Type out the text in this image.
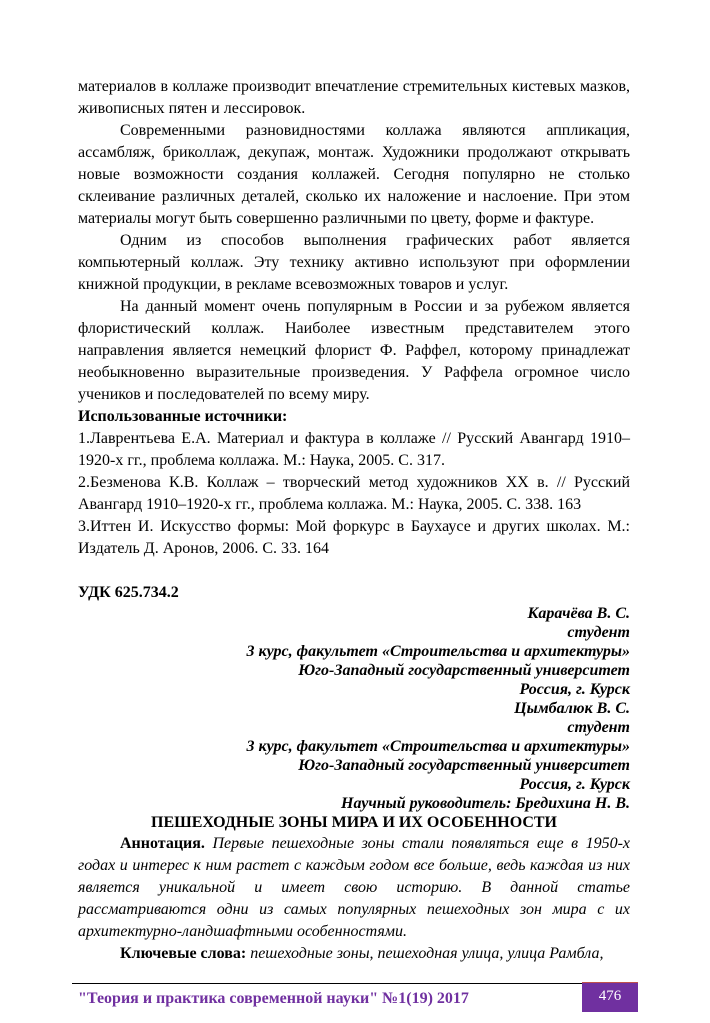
материалов в коллаже производит впечатление стремительных кистевых мазков, живописных пятен и лессировок.

Современными разновидностями коллажа являются аппликация, ассамбляж, бриколлаж, декупаж, монтаж. Художники продолжают открывать новые возможности создания коллажей. Сегодня популярно не столько склеивание различных деталей, сколько их наложение и наслоение. При этом материалы могут быть совершенно различными по цвету, форме и фактуре.

Одним из способов выполнения графических работ является компьютерный коллаж. Эту технику активно используют при оформлении книжной продукции, в рекламе всевозможных товаров и услуг.

На данный момент очень популярным в России и за рубежом является флористический коллаж. Наиболее известным представителем этого направления является немецкий флорист Ф. Раффел, которому принадлежат необыкновенно выразительные произведения. У Раффела огромное число учеников и последователей по всему миру.

Использованные источники:

1.Лаврентьева Е.А. Материал и фактура в коллаже // Русский Авангард 1910–1920-х гг., проблема коллажа. М.: Наука, 2005. С. 317.

2.Безменова К.В. Коллаж – творческий метод художников XX в. // Русский Авангард 1910–1920-х гг., проблема коллажа. М.: Наука, 2005. С. 338. 163

3.Иттен И. Искусство формы: Мой форкурс в Баухаусе и других школах. М.: Издатель Д. Аронов, 2006. С. 33. 164

УДК 625.734.2

Карачёва В. С.
студент
3 курс, факультет «Строительства и архитектуры»
Юго-Западный государственный университет
Россия, г. Курск
Цымбалюк В. С.
студент
3 курс, факультет «Строительства и архитектуры»
Юго-Западный государственный университет
Россия, г. Курск
Научный руководитель: Бредихина Н. В.

ПЕШЕХОДНЫЕ ЗОНЫ МИРА И ИХ ОСОБЕННОСТИ

Аннотация. Первые пешеходные зоны стали появляться еще в 1950-х годах и интерес к ним растет с каждым годом все больше, ведь каждая из них является уникальной и имеет свою историю. В данной статье рассматриваются одни из самых популярных пешеходных зон мира с их архитектурно-ландшафтными особенностями.

Ключевые слова: пешеходные зоны, пешеходная улица, улица Рамбла,

"Теория и практика современной науки" №1(19) 2017	476
